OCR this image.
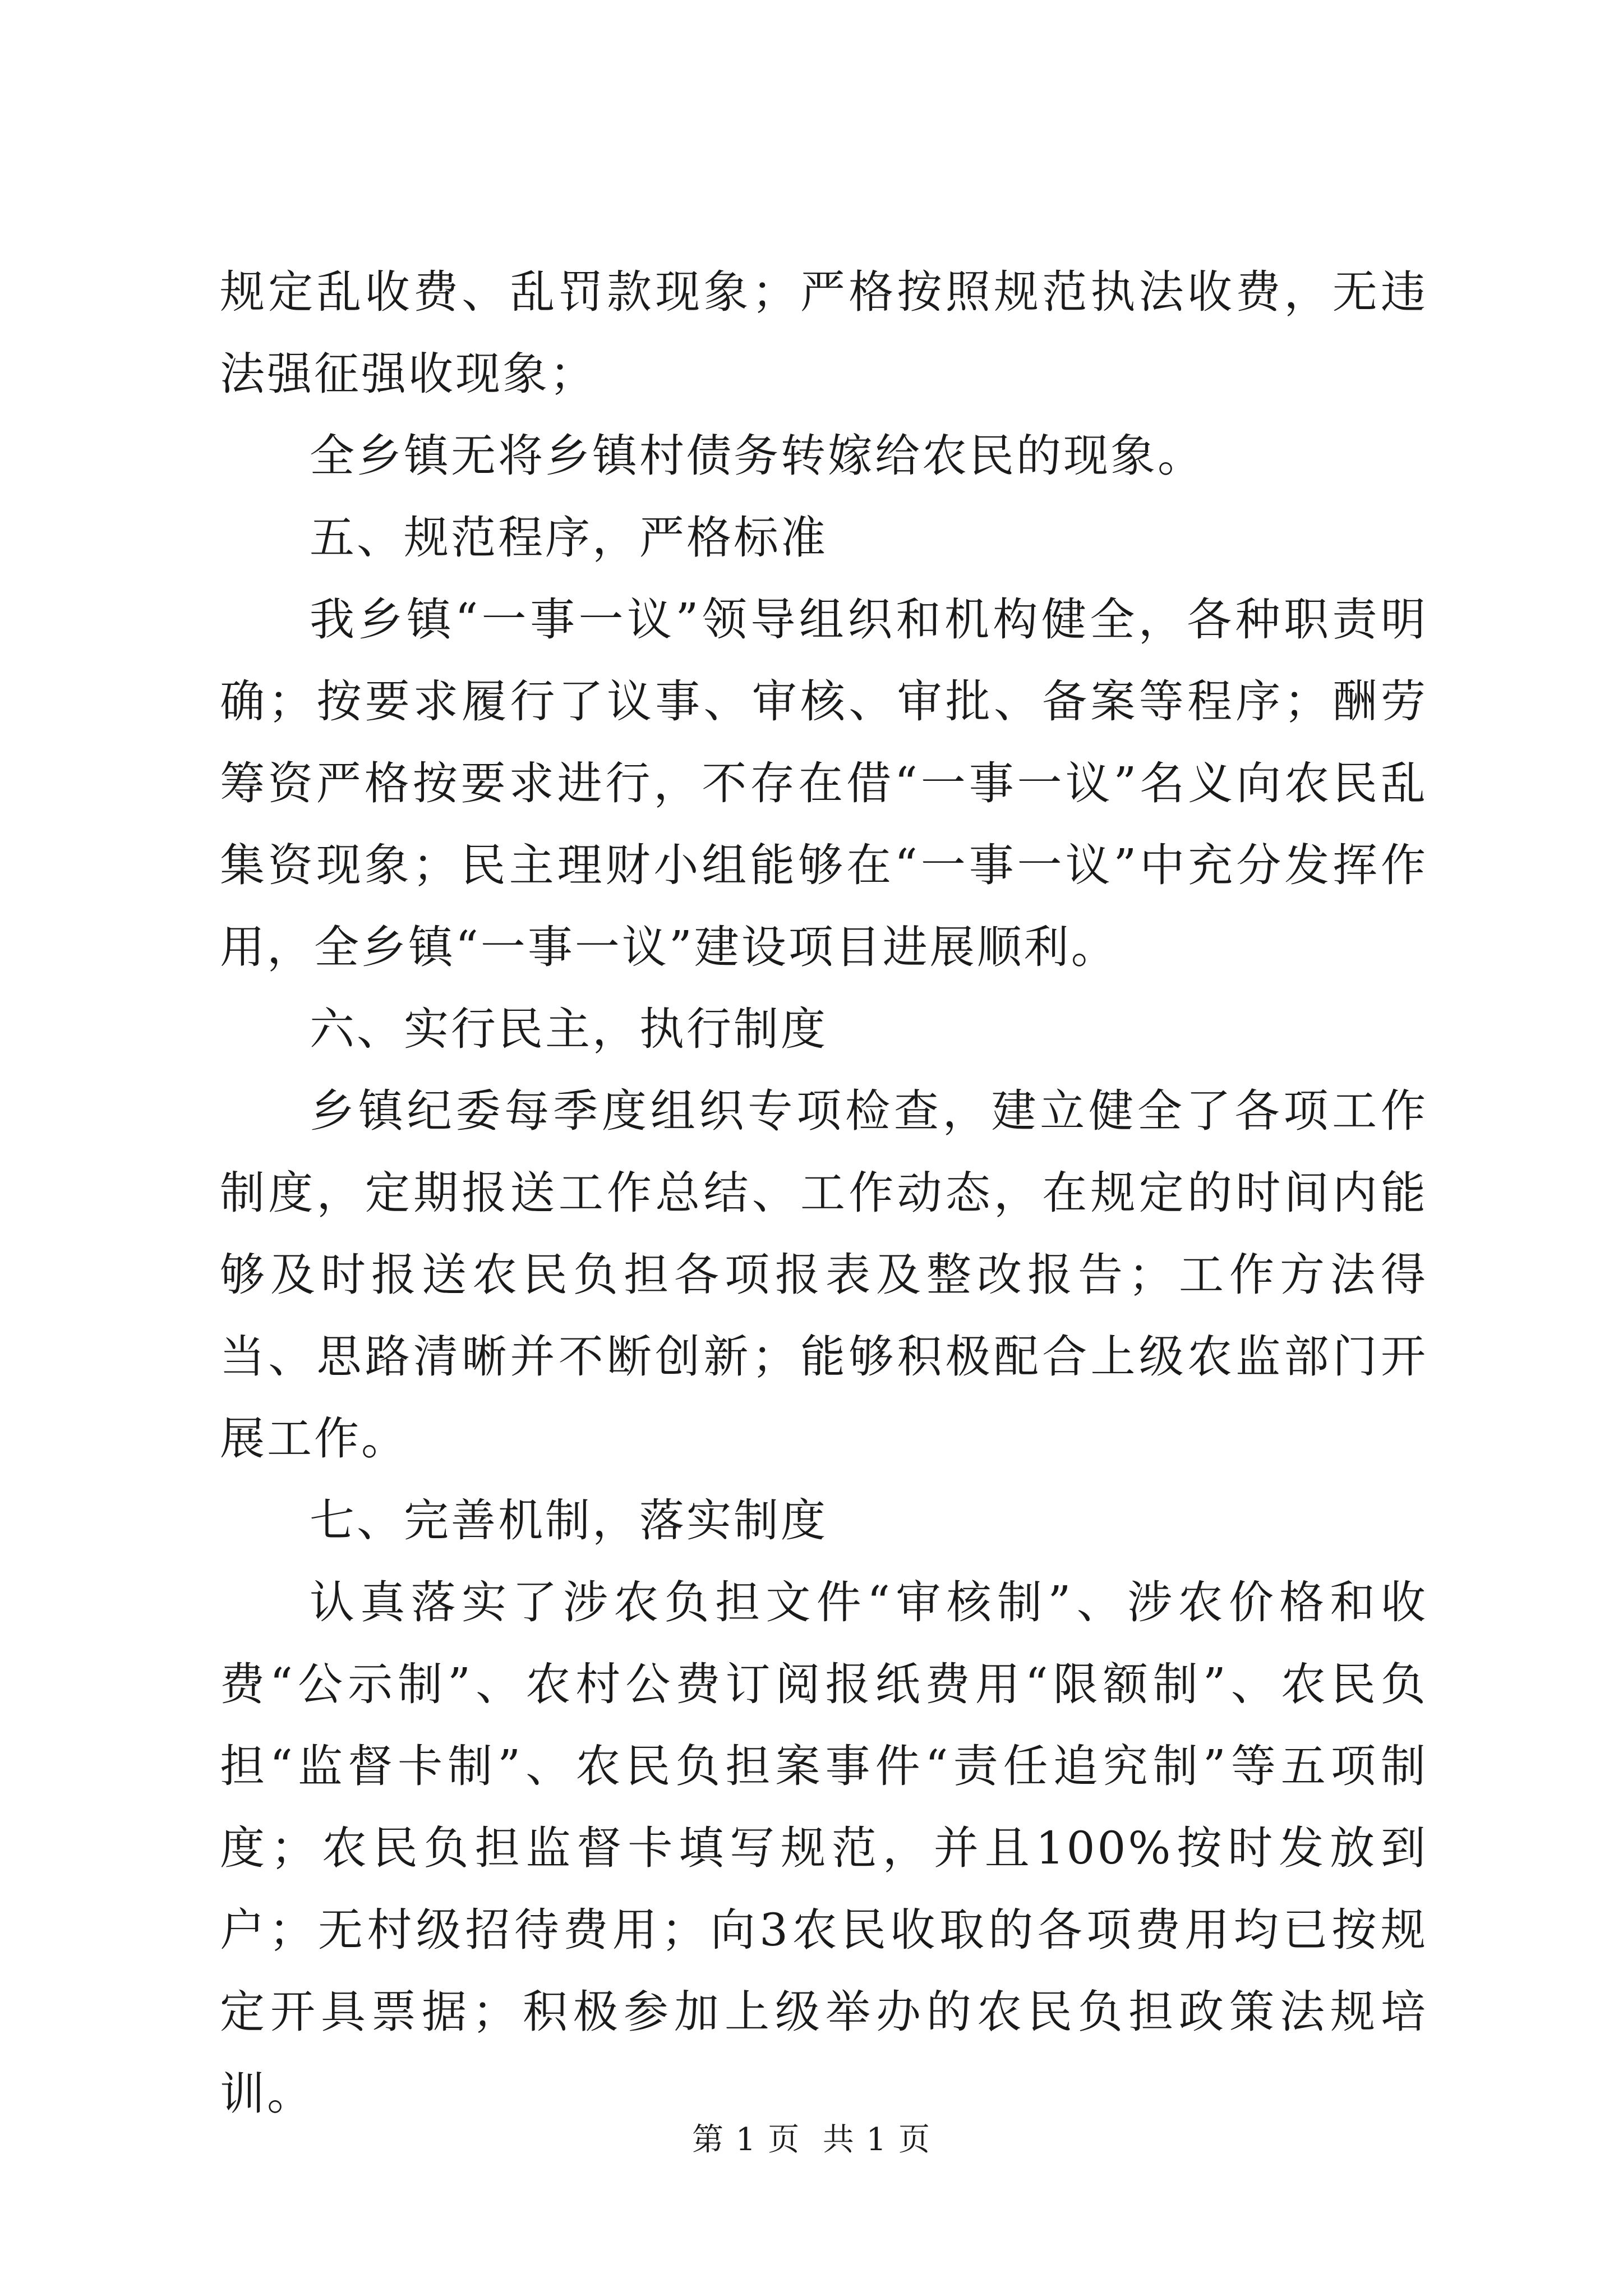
规定乱收费、乱罚款现象；严格按照规范执法收费，无违法强征强收现象；

全乡镇无将乡镇村债务转嫁给农民的现象。

五、规范程序，严格标准

我乡镇“一事一议”领导组织和机构健全，各种职责明确；按要求履行了议事、审核、审批、备案等程序；酬劳筹资严格按要求进行，不存在借“一事一议”名义向农民乱集资现象；民主理财小组能够在“一事一议”中充分发挥作用，全乡镇“一事一议”建设项目进展顺利。

六、实行民主，执行制度

乡镇纪委每季度组织专项检查，建立健全了各项工作制度，定期报送工作总结、工作动态，在规定的时间内能够及时报送农民负担各项报表及整改报告；工作方法得当、思路清晰并不断创新；能够积极配合上级农监部门开展工作。

七、完善机制，落实制度

认真落实了涉农负担文件“审核制”、涉农价格和收费“公示制”、农村公费订阅报纸费用“限额制”、农民负担“监督卡制”、农民负担案事件“责任追究制”等五项制度；农民负担监督卡填写规范，并且100%按时发放到户；无村级招待费用；向3农民收取的各项费用均已按规定开具票据；积极参加上级举办的农民负担政策法规培训。

第 1 页  共 1 页
